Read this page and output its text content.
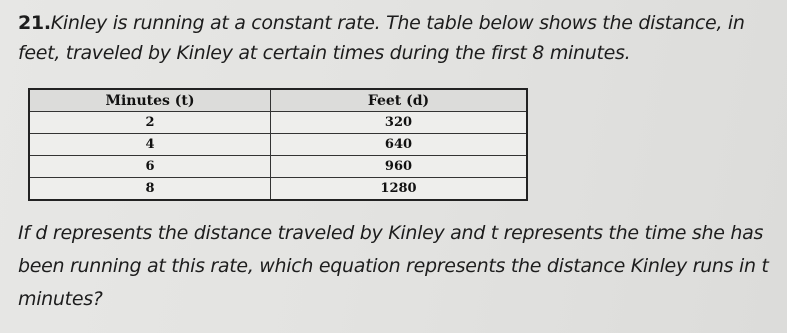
21.Kinley is running at a constant rate. The table below shows the distance, in
feet, traveled by Kinley at certain times during the first 8 minutes.
Minutes (t)	Feet (d)
2	320
4	640
6	960
8	1280
If d represents the distance traveled by Kinley and t represents the time she has
been running at this rate, which equation represents the distance Kinley runs in t
minutes?
